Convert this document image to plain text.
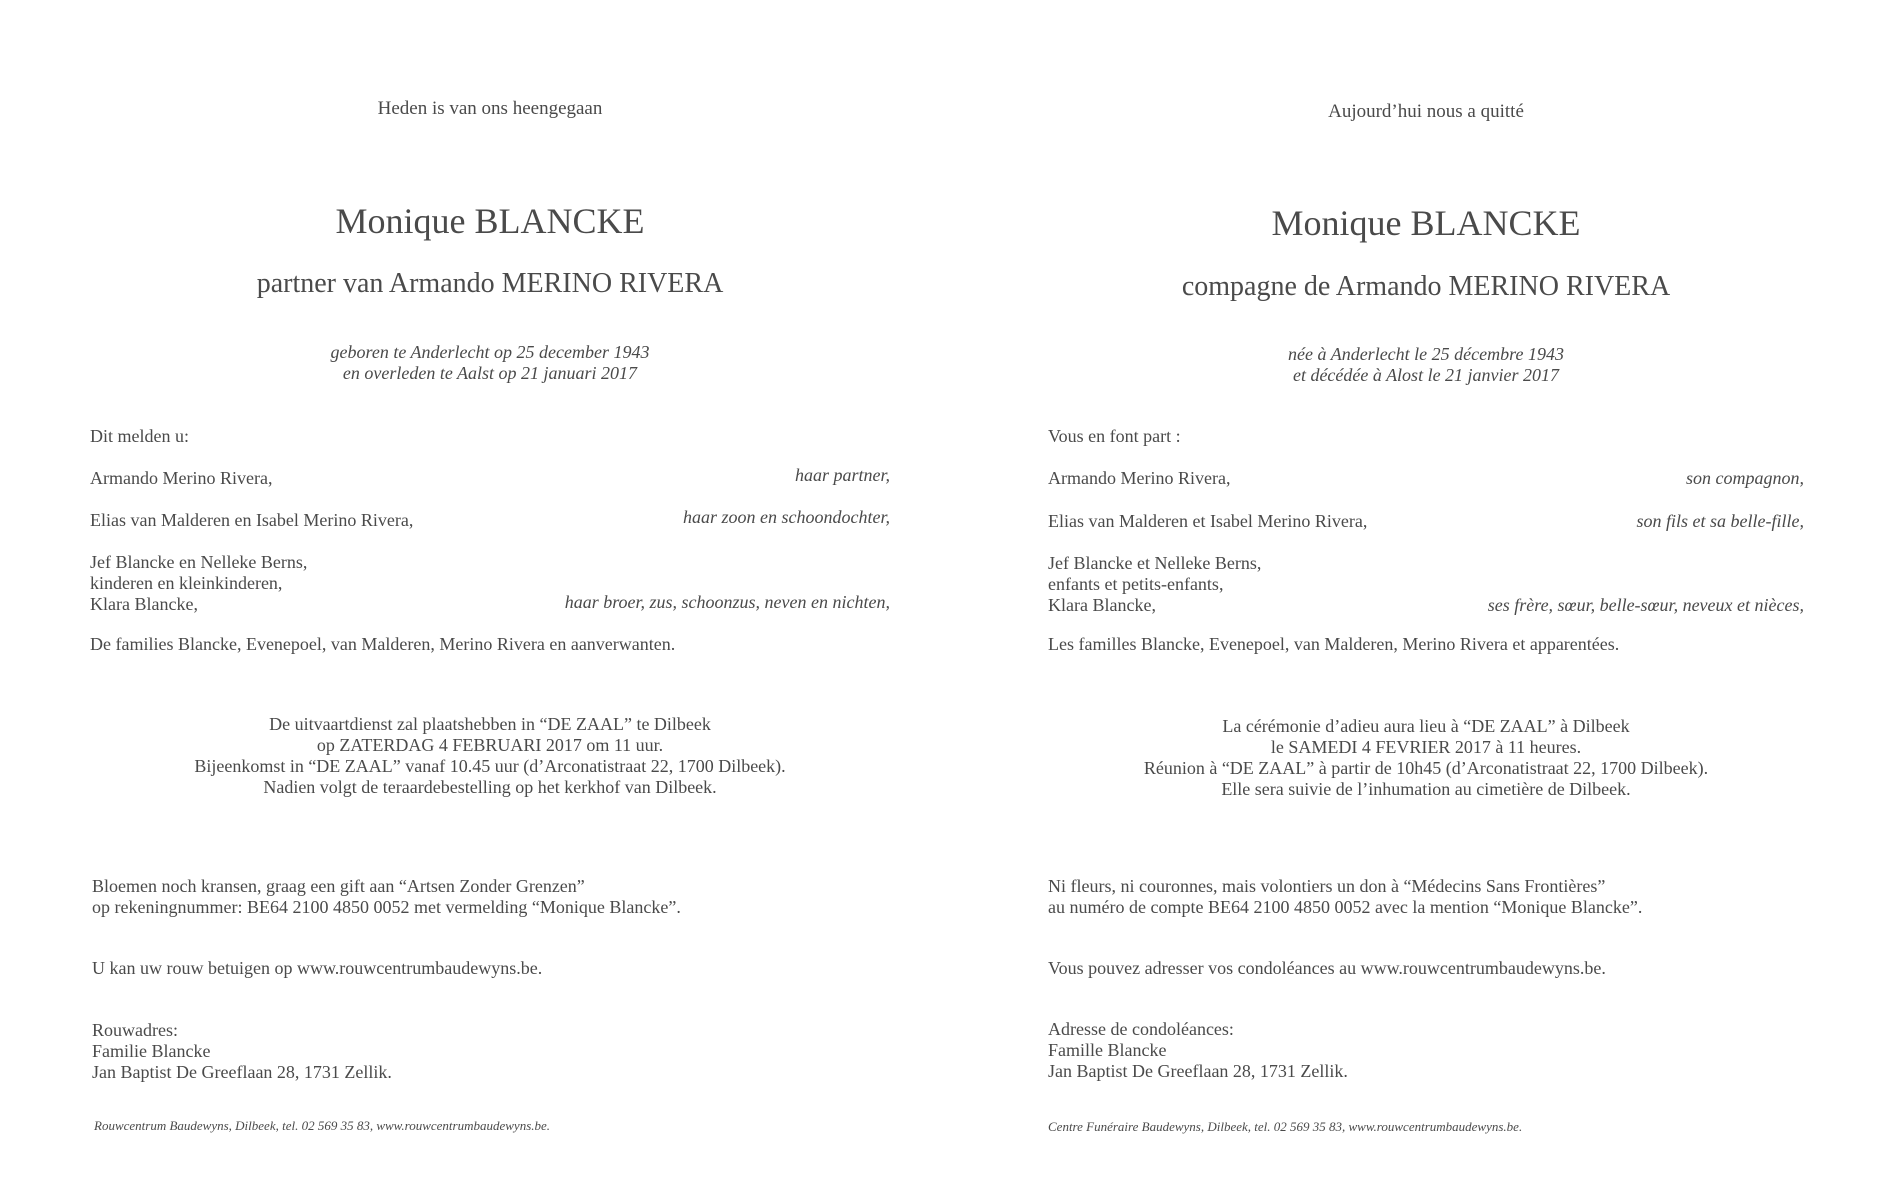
Heden is van ons heengegaan
Monique BLANCKE
partner van Armando MERINO RIVERA
geboren te Anderlecht op 25 december 1943
en overleden te Aalst op 21 januari 2017
Dit melden u:
Armando Merino Rivera,	haar partner,
Elias van Malderen en Isabel Merino Rivera,	haar zoon en schoondochter,
Jef Blancke en Nelleke Berns,
kinderen en kleinkinderen,
Klara Blancke,	haar broer, zus, schoonzus, neven en nichten,
De families Blancke, Evenepoel, van Malderen, Merino Rivera en aanverwanten.
De uitvaartdienst zal plaatshebben in “DE ZAAL” te Dilbeek
op ZATERDAG 4 FEBRUARI 2017 om 11 uur.
Bijeenkomst in “DE ZAAL” vanaf 10.45 uur (d’Arconatistraat 22, 1700 Dilbeek).
Nadien volgt de teraardebestelling op het kerkhof van Dilbeek.
Bloemen noch kransen, graag een gift aan “Artsen Zonder Grenzen”
op rekeningnummer: BE64 2100 4850 0052 met vermelding “Monique Blancke”.
U kan uw rouw betuigen op www.rouwcentrumbaudewyns.be.
Rouwadres:
Familie Blancke
Jan Baptist De Greeflaan 28, 1731 Zellik.
Rouwcentrum Baudewyns, Dilbeek, tel. 02 569 35 83, www.rouwcentrumbaudewyns.be.
Aujourd’hui nous a quitté
Monique BLANCKE
compagne de Armando MERINO RIVERA
née à Anderlecht le 25 décembre 1943
et décédée à Alost le 21 janvier 2017
Vous en font part :
Armando Merino Rivera,	son compagnon,
Elias van Malderen et Isabel Merino Rivera,	son fils et sa belle-fille,
Jef Blancke et Nelleke Berns,
enfants et petits-enfants,
Klara Blancke,	ses frère, sœur, belle-sœur, neveux et nièces,
Les familles Blancke, Evenepoel, van Malderen, Merino Rivera et apparentées.
La cérémonie d’adieu aura lieu à “DE ZAAL” à Dilbeek
le SAMEDI 4 FEVRIER 2017 à 11 heures.
Réunion à “DE ZAAL” à partir de 10h45 (d’Arconatistraat 22, 1700 Dilbeek).
Elle sera suivie de l’inhumation au cimetière de Dilbeek.
Ni fleurs, ni couronnes, mais volontiers un don à “Médecins Sans Frontières”
au numéro de compte BE64 2100 4850 0052 avec la mention “Monique Blancke”.
Vous pouvez adresser vos condoléances au www.rouwcentrumbaudewyns.be.
Adresse de condoléances:
Famille Blancke
Jan Baptist De Greeflaan 28, 1731 Zellik.
Centre Funéraire Baudewyns, Dilbeek, tel. 02 569 35 83, www.rouwcentrumbaudewyns.be.
